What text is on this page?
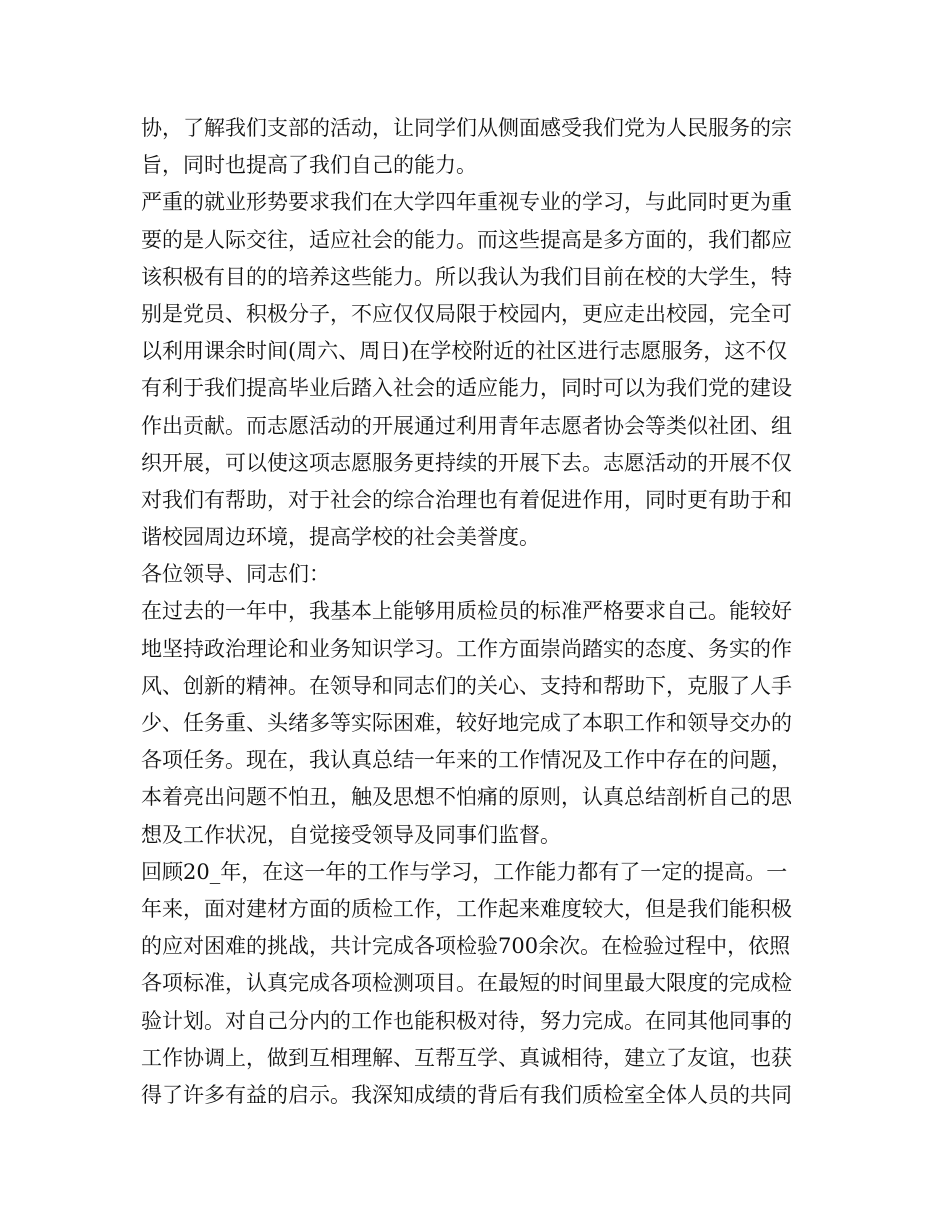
协，了解我们支部的活动，让同学们从侧面感受我们党为人民服务的宗
旨，同时也提高了我们自己的能力。
严重的就业形势要求我们在大学四年重视专业的学习，与此同时更为重
要的是人际交往，适应社会的能力。而这些提高是多方面的，我们都应
该积极有目的的培养这些能力。所以我认为我们目前在校的大学生，特
别是党员、积极分子，不应仅仅局限于校园内，更应走出校园，完全可
以利用课余时间(周六、周日)在学校附近的社区进行志愿服务，这不仅
有利于我们提高毕业后踏入社会的适应能力，同时可以为我们党的建设
作出贡献。而志愿活动的开展通过利用青年志愿者协会等类似社团、组
织开展，可以使这项志愿服务更持续的开展下去。志愿活动的开展不仅
对我们有帮助，对于社会的综合治理也有着促进作用，同时更有助于和
谐校园周边环境，提高学校的社会美誉度。
各位领导、同志们：
在过去的一年中，我基本上能够用质检员的标准严格要求自己。能较好
地坚持政治理论和业务知识学习。工作方面崇尚踏实的态度、务实的作
风、创新的精神。在领导和同志们的关心、支持和帮助下，克服了人手
少、任务重、头绪多等实际困难，较好地完成了本职工作和领导交办的
各项任务。现在，我认真总结一年来的工作情况及工作中存在的问题，
本着亮出问题不怕丑，触及思想不怕痛的原则，认真总结剖析自己的思
想及工作状况，自觉接受领导及同事们监督。
回顾20_年，在这一年的工作与学习，工作能力都有了一定的提高。一
年来，面对建材方面的质检工作，工作起来难度较大，但是我们能积极
的应对困难的挑战，共计完成各项检验700余次。在检验过程中，依照
各项标准，认真完成各项检测项目。在最短的时间里最大限度的完成检
验计划。对自己分内的工作也能积极对待，努力完成。在同其他同事的
工作协调上，做到互相理解、互帮互学、真诚相待，建立了友谊，也获
得了许多有益的启示。我深知成绩的背后有我们质检室全体人员的共同
